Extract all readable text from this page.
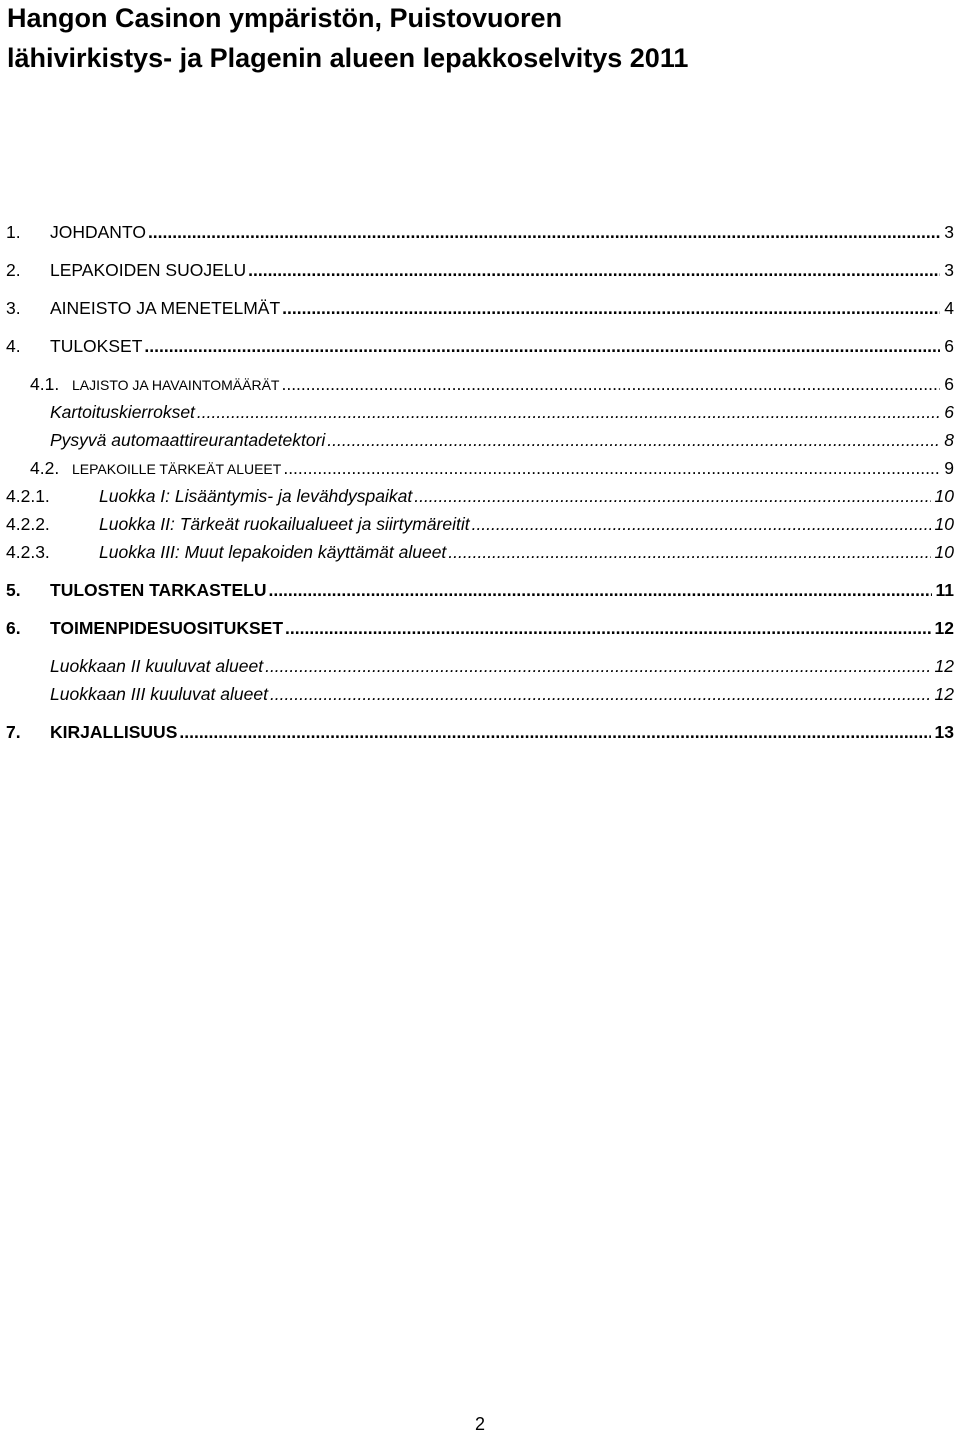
Hangon Casinon ympäristön, Puistovuoren
lähivirkistys- ja Plagenin alueen lepakkoselvitys 2011
1.	JOHDANTO .....	3
2.	LEPAKOIDEN SUOJELU .....	3
3.	AINEISTO JA MENETELMÄT .....	4
4.	TULOKSET .....	6
4.1. LAJISTO JA HAVAINTOMÄÄRÄT .....	6
Kartoituskierrokset .....	6
Pysyvä automaattireurantadetektori .....	8
4.2. LEPAKOILLE TÄRKEÄT ALUEET .....	9
4.2.1.	Luokka I: Lisääntymis- ja levähdyspaikat .....	10
4.2.2.	Luokka II: Tärkeät ruokailualueet ja siirtymäreitit .....	10
4.2.3.	Luokka III: Muut lepakoiden käyttämät alueet .....	10
5.	TULOSTEN TARKASTELU .....	11
6.	TOIMENPIDESUOSITUKSET .....	12
Luokkaan II kuuluvat alueet .....	12
Luokkaan III kuuluvat alueet .....	12
7.	KIRJALLISUUS .....	13
2
